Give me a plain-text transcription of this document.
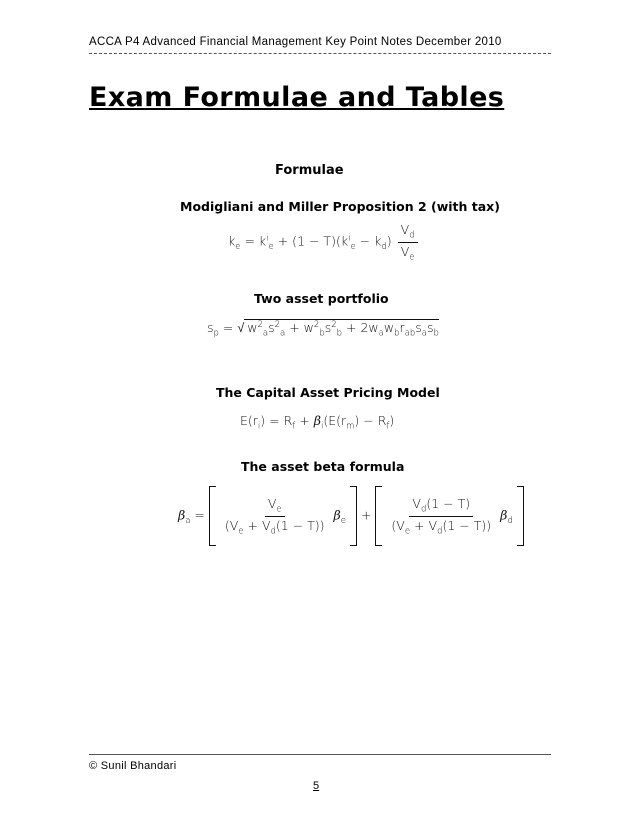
ACCA P4 Advanced Financial Management Key Point Notes December 2010
Exam Formulae and Tables
Formulae
Modigliani and Miller Proposition 2 (with tax)
$k_e = k^i_e + (1 - T)(k^i_e - k_d) \frac{V_d}{V_e}$
Two asset portfolio
$s_p$ = √ $w^2_as^2_a + w^2_bs^2_b + 2w_aw_br_{ab}s_as_b$
The Capital Asset Pricing Model
$E(r_i) = R_f + \beta_i(E(r_m) - R_f)$
The asset beta formula
$\beta_a = \frac{V_e}{(V_e + V_d(1 - T))} \beta_e + \frac{V_d(1 - T)}{(V_e + V_d(1 - T))} \beta_d$
© Sunil Bhandari
5
